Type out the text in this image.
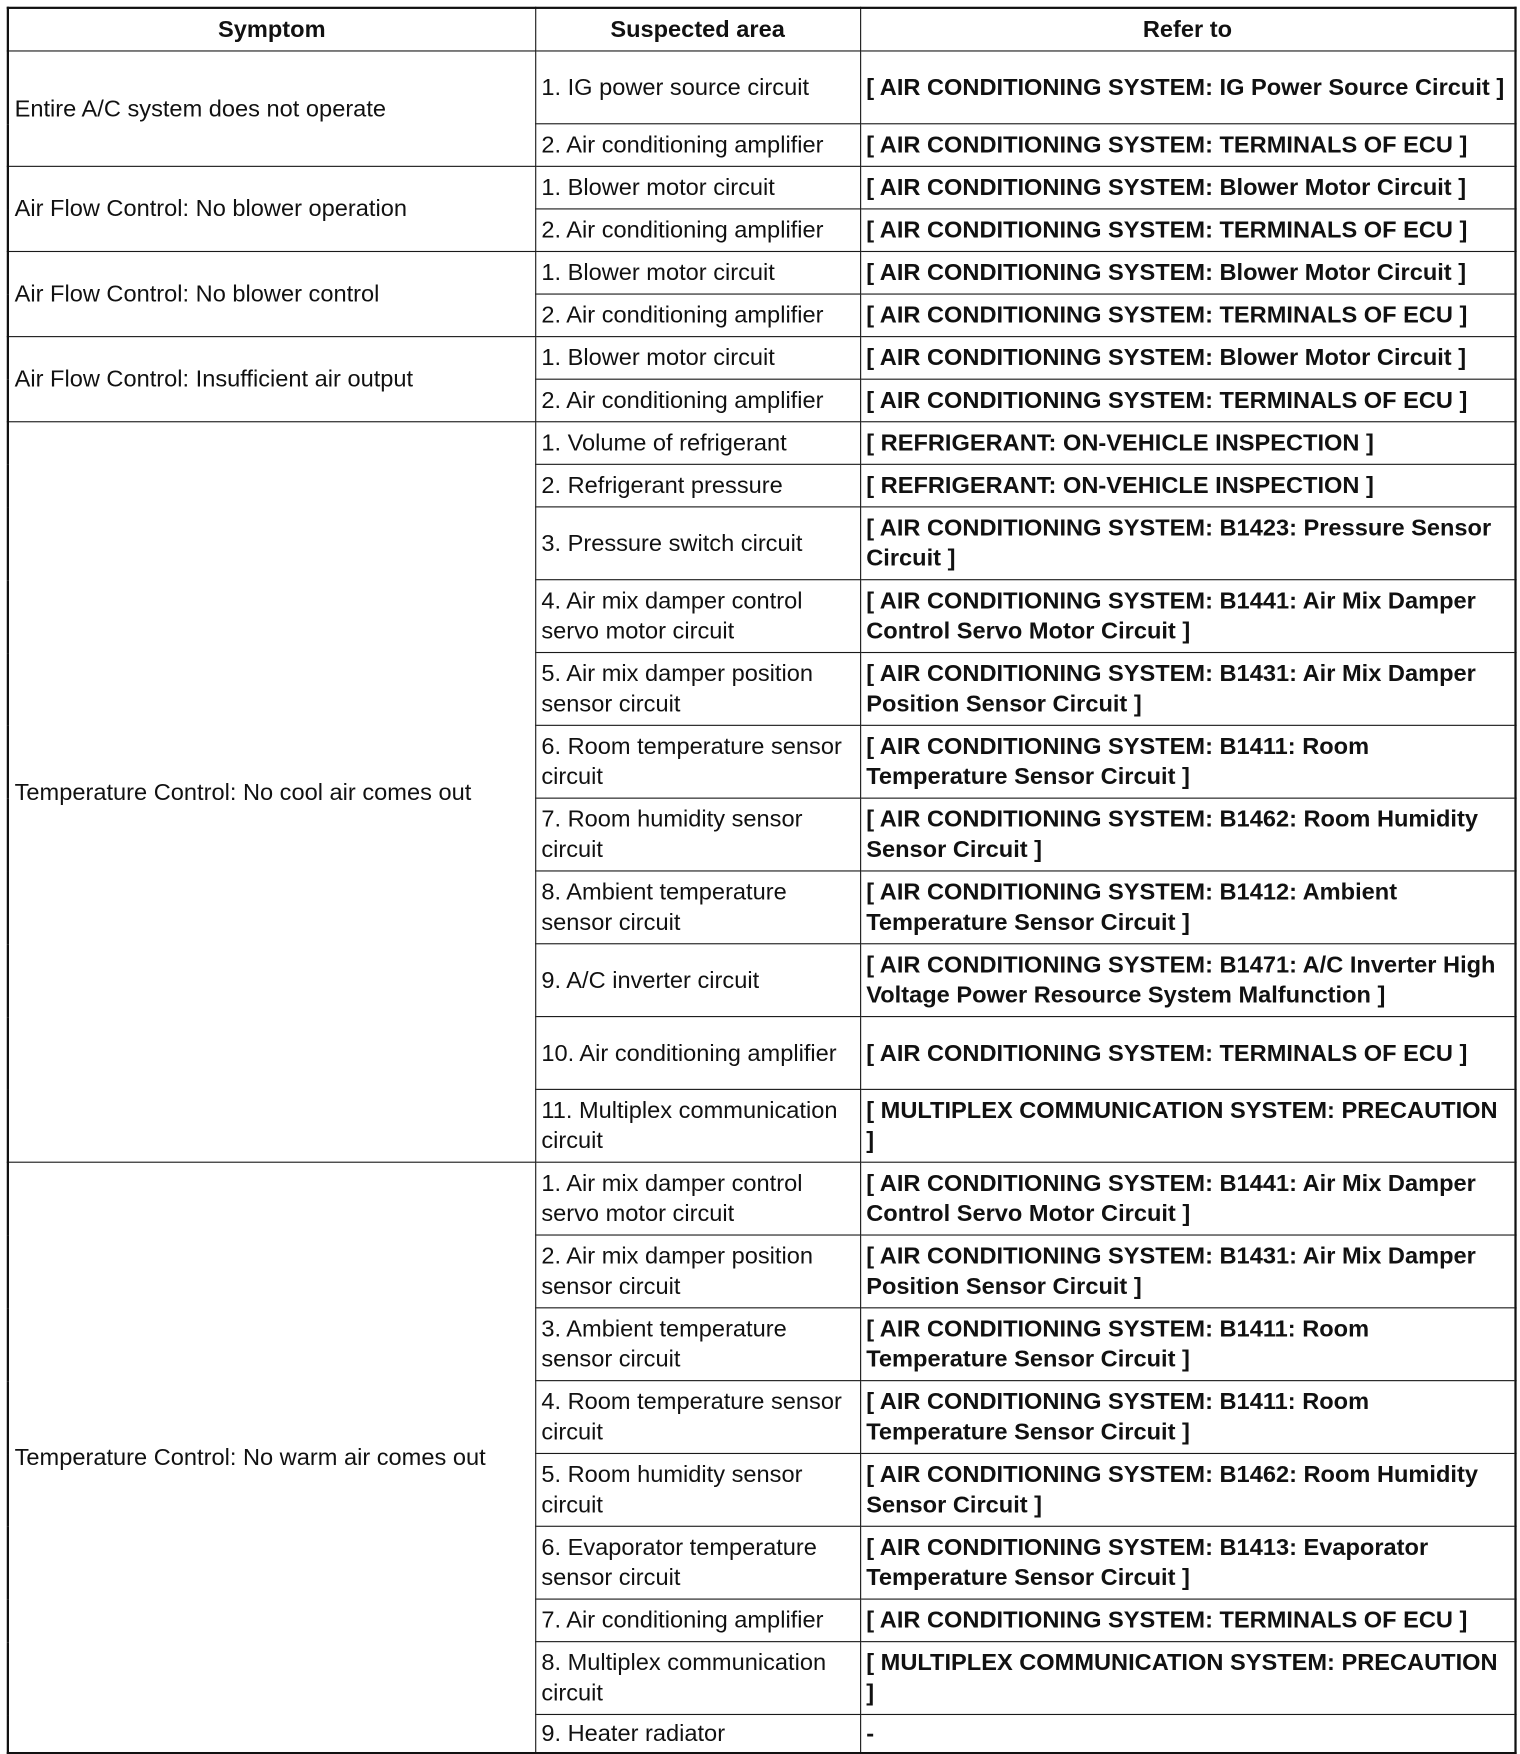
Symptom	Suspected area	Refer to
Entire A/C system does not operate	1. IG power source circuit	[ AIR CONDITIONING SYSTEM: IG Power Source Circuit ]
	2. Air conditioning amplifier	[ AIR CONDITIONING SYSTEM: TERMINALS OF ECU ]
Air Flow Control: No blower operation	1. Blower motor circuit	[ AIR CONDITIONING SYSTEM: Blower Motor Circuit ]
	2. Air conditioning amplifier	[ AIR CONDITIONING SYSTEM: TERMINALS OF ECU ]
Air Flow Control: No blower control	1. Blower motor circuit	[ AIR CONDITIONING SYSTEM: Blower Motor Circuit ]
	2. Air conditioning amplifier	[ AIR CONDITIONING SYSTEM: TERMINALS OF ECU ]
Air Flow Control: Insufficient air output	1. Blower motor circuit	[ AIR CONDITIONING SYSTEM: Blower Motor Circuit ]
	2. Air conditioning amplifier	[ AIR CONDITIONING SYSTEM: TERMINALS OF ECU ]
Temperature Control: No cool air comes out	1. Volume of refrigerant	[ REFRIGERANT: ON-VEHICLE INSPECTION ]
	2. Refrigerant pressure	[ REFRIGERANT: ON-VEHICLE INSPECTION ]
	3. Pressure switch circuit	[ AIR CONDITIONING SYSTEM: B1423: Pressure Sensor Circuit ]
	4. Air mix damper control servo motor circuit	[ AIR CONDITIONING SYSTEM: B1441: Air Mix Damper Control Servo Motor Circuit ]
	5. Air mix damper position sensor circuit	[ AIR CONDITIONING SYSTEM: B1431: Air Mix Damper Position Sensor Circuit ]
	6. Room temperature sensor circuit	[ AIR CONDITIONING SYSTEM: B1411: Room Temperature Sensor Circuit ]
	7. Room humidity sensor circuit	[ AIR CONDITIONING SYSTEM: B1462: Room Humidity Sensor Circuit ]
	8. Ambient temperature sensor circuit	[ AIR CONDITIONING SYSTEM: B1412: Ambient Temperature Sensor Circuit ]
	9. A/C inverter circuit	[ AIR CONDITIONING SYSTEM: B1471: A/C Inverter High Voltage Power Resource System Malfunction ]
	10. Air conditioning amplifier	[ AIR CONDITIONING SYSTEM: TERMINALS OF ECU ]
	11. Multiplex communication circuit	[ MULTIPLEX COMMUNICATION SYSTEM: PRECAUTION ]
Temperature Control: No warm air comes out	1. Air mix damper control servo motor circuit	[ AIR CONDITIONING SYSTEM: B1441: Air Mix Damper Control Servo Motor Circuit ]
	2. Air mix damper position sensor circuit	[ AIR CONDITIONING SYSTEM: B1431: Air Mix Damper Position Sensor Circuit ]
	3. Ambient temperature sensor circuit	[ AIR CONDITIONING SYSTEM: B1411: Room Temperature Sensor Circuit ]
	4. Room temperature sensor circuit	[ AIR CONDITIONING SYSTEM: B1411: Room Temperature Sensor Circuit ]
	5. Room humidity sensor circuit	[ AIR CONDITIONING SYSTEM: B1462: Room Humidity Sensor Circuit ]
	6. Evaporator temperature sensor circuit	[ AIR CONDITIONING SYSTEM: B1413: Evaporator Temperature Sensor Circuit ]
	7. Air conditioning amplifier	[ AIR CONDITIONING SYSTEM: TERMINALS OF ECU ]
	8. Multiplex communication circuit	[ MULTIPLEX COMMUNICATION SYSTEM: PRECAUTION ]
	9. Heater radiator	-
